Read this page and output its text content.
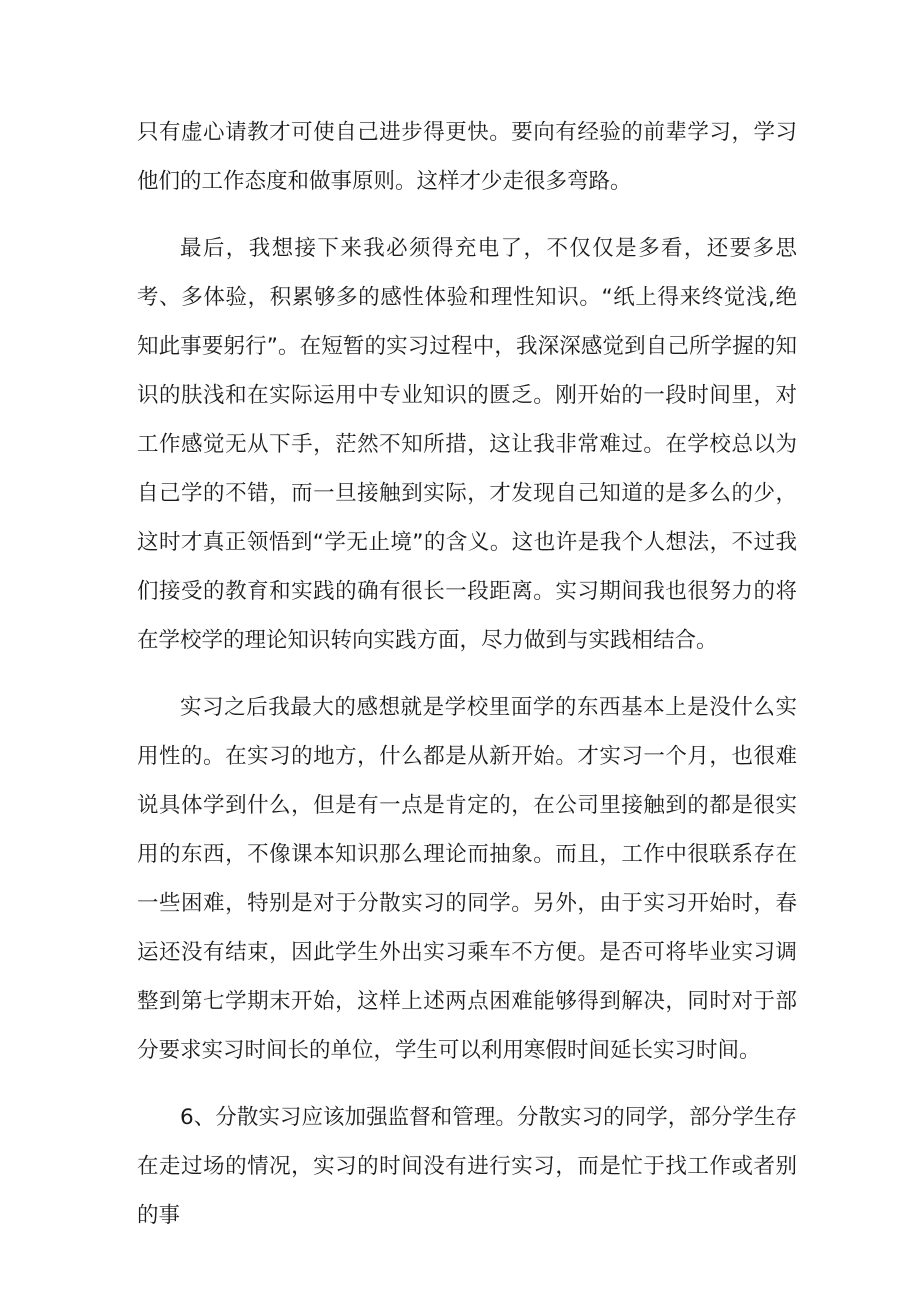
只有虚心请教才可使自己进步得更快。要向有经验的前辈学习，学习他们的工作态度和做事原则。这样才少走很多弯路。

最后，我想接下来我必须得充电了，不仅仅是多看，还要多思考、多体验，积累够多的感性体验和理性知识。“纸上得来终觉浅,绝知此事要躬行”。在短暂的实习过程中，我深深感觉到自己所学握的知识的肤浅和在实际运用中专业知识的匮乏。刚开始的一段时间里，对工作感觉无从下手，茫然不知所措，这让我非常难过。在学校总以为自己学的不错，而一旦接触到实际，才发现自己知道的是多么的少，这时才真正领悟到“学无止境”的含义。这也许是我个人想法，不过我们接受的教育和实践的确有很长一段距离。实习期间我也很努力的将在学校学的理论知识转向实践方面，尽力做到与实践相结合。

实习之后我最大的感想就是学校里面学的东西基本上是没什么实用性的。在实习的地方，什么都是从新开始。才实习一个月，也很难说具体学到什么，但是有一点是肯定的，在公司里接触到的都是很实用的东西，不像课本知识那么理论而抽象。而且，工作中很联系存在一些困难，特别是对于分散实习的同学。另外，由于实习开始时，春运还没有结束，因此学生外出实习乘车不方便。是否可将毕业实习调整到第七学期末开始，这样上述两点困难能够得到解决，同时对于部分要求实习时间长的单位，学生可以利用寒假时间延长实习时间。

6、分散实习应该加强监督和管理。分散实习的同学，部分学生存在走过场的情况，实习的时间没有进行实习，而是忙于找工作或者别的事
